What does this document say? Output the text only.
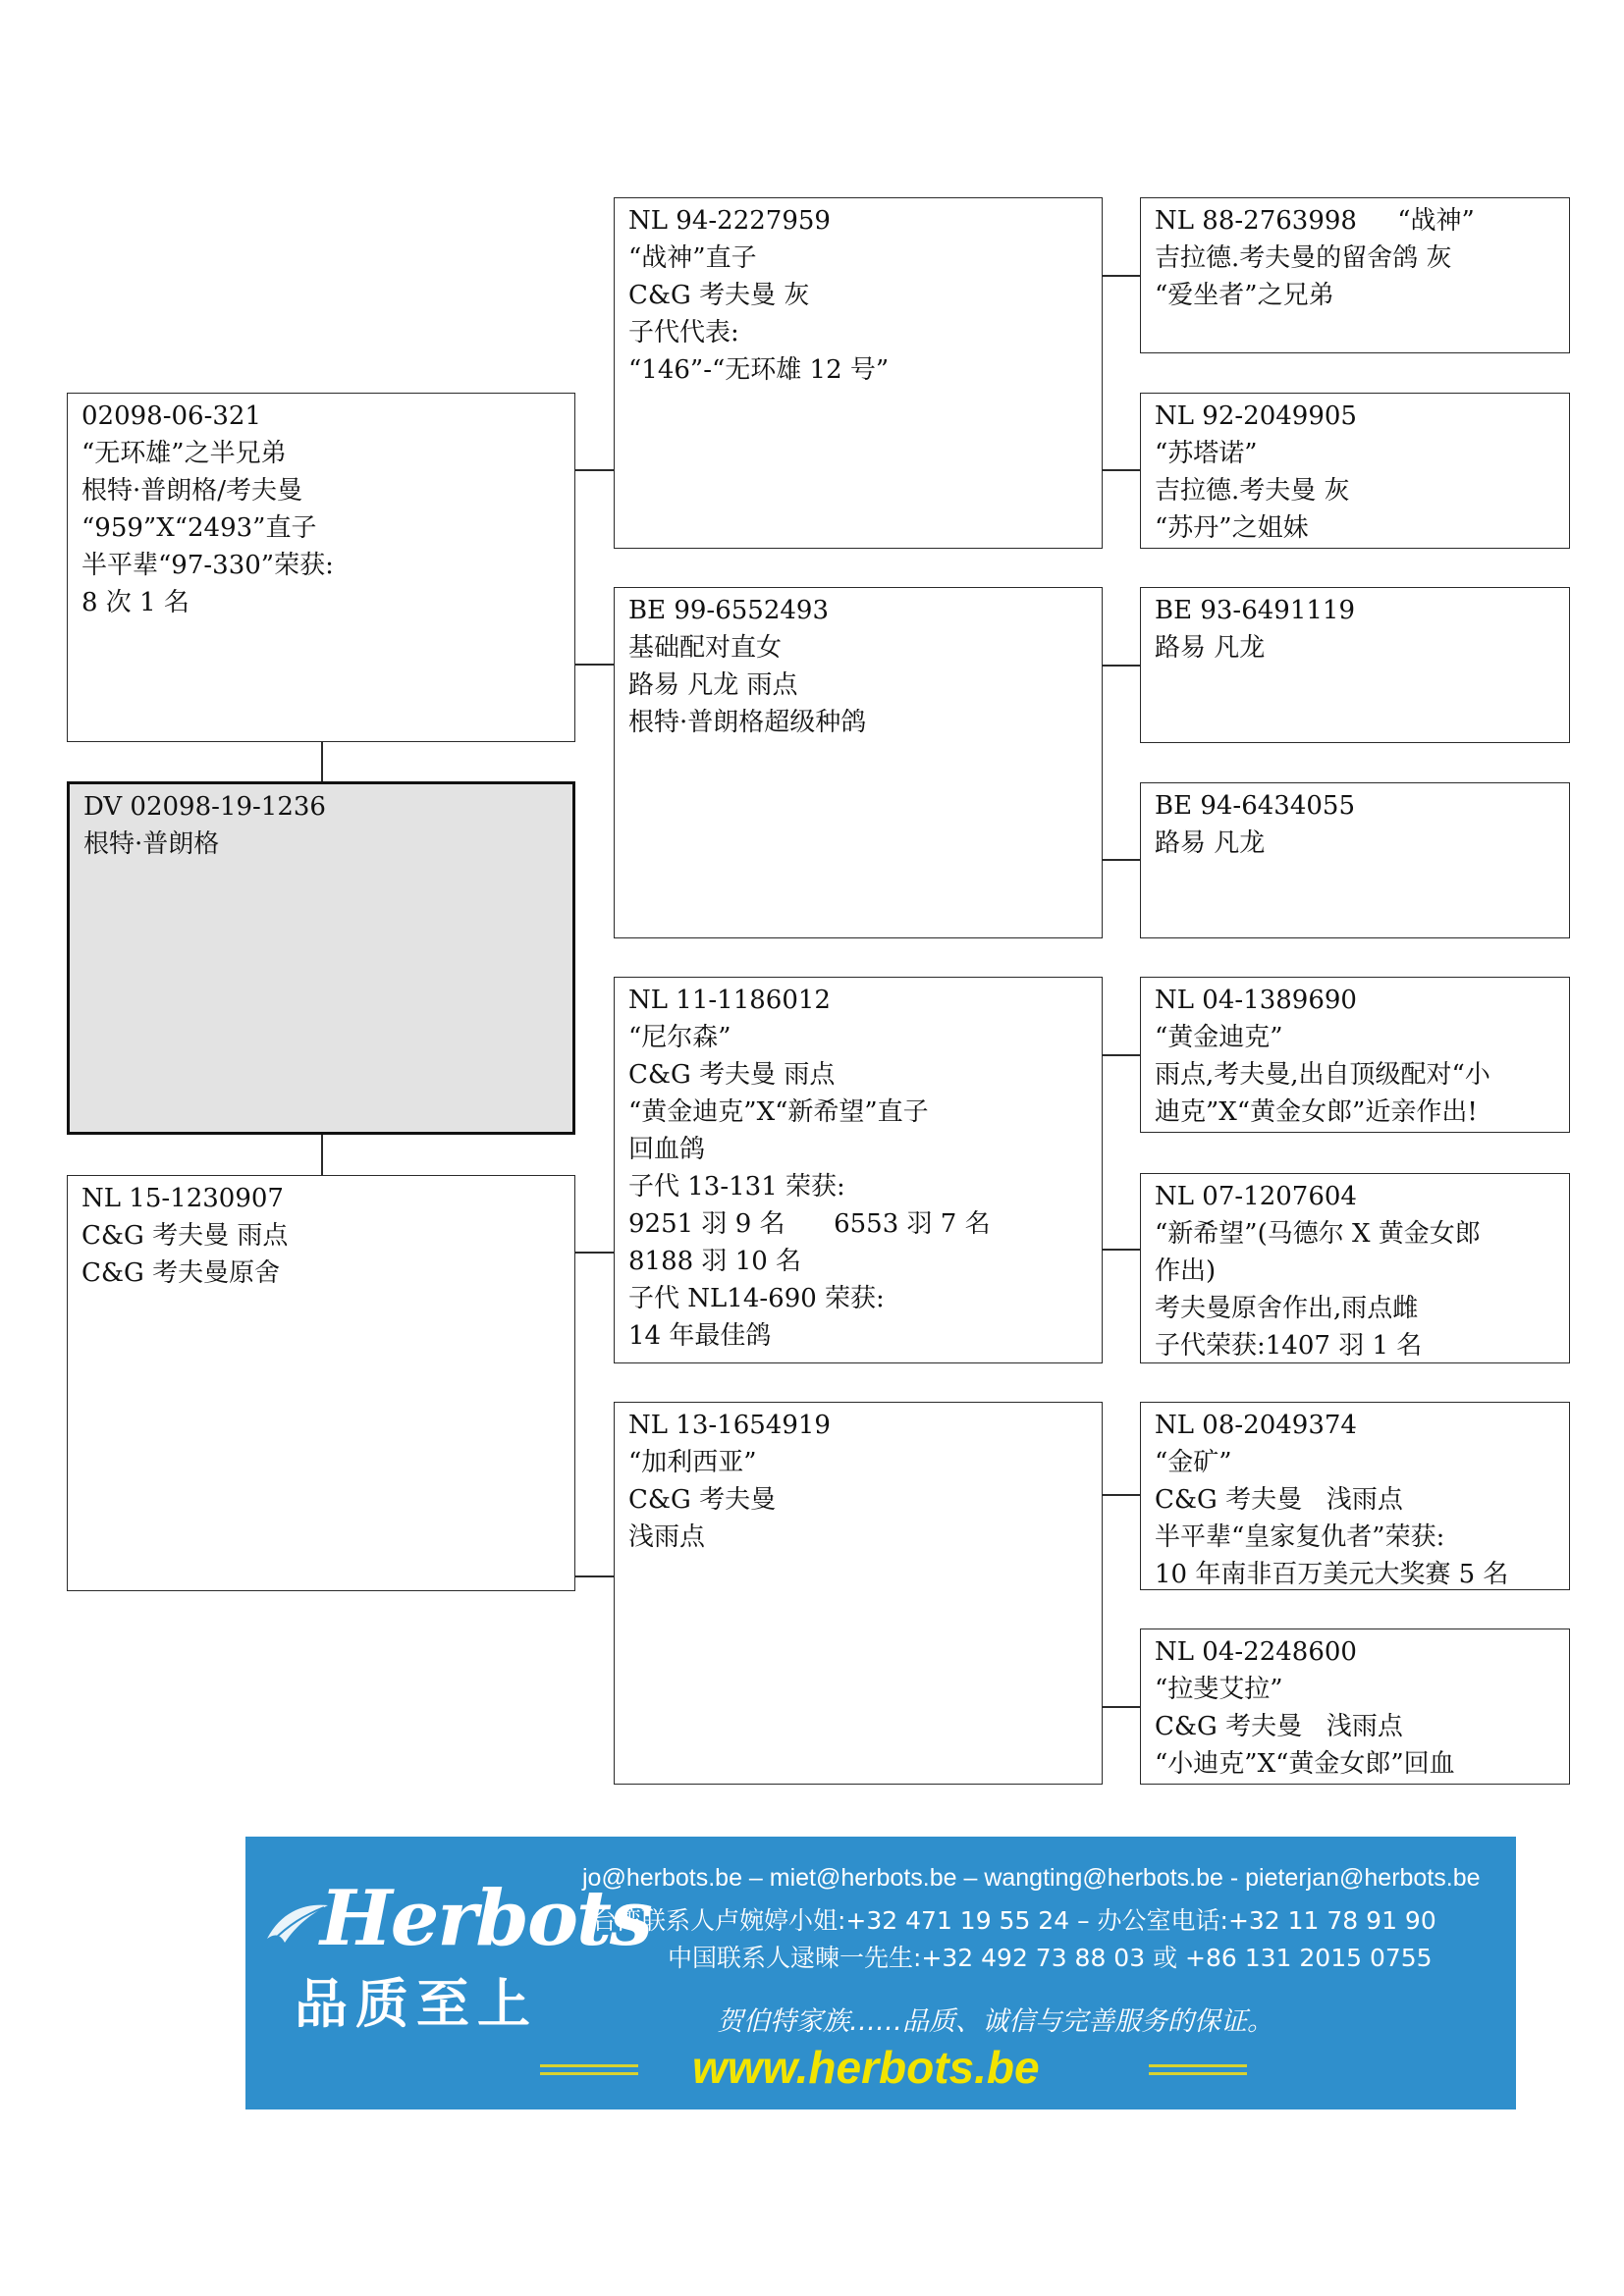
DV 02098-19-1236
根特·普朗格
02098-06-321
“无环雄”之半兄弟
根特·普朗格/考夫曼
“959”X“2493”直子
半平辈“97-330”荣获:
8 次 1 名
NL 15-1230907
C&G 考夫曼 雨点
C&G 考夫曼原舍
NL 94-2227959
“战神”直子
C&G 考夫曼 灰
子代代表:
“146”-“无环雄 12 号”
BE 99-6552493
基础配对直女
路易 凡龙 雨点
根特·普朗格超级种鸽
NL 11-1186012
“尼尔森”
C&G 考夫曼 雨点
“黄金迪克”X“新希望”直子
回血鸽
子代 13-131 荣获:
9251 羽 9 名      6553 羽 7 名
8188 羽 10 名
子代 NL14-690 荣获:
14 年最佳鸽
NL 13-1654919
“加利西亚”
C&G 考夫曼
浅雨点
NL 88-2763998     “战神”
吉拉德.考夫曼的留舍鸽 灰
“爱坐者”之兄弟
NL 92-2049905
“苏塔诺”
吉拉德.考夫曼 灰
“苏丹”之姐妹
BE 93-6491119
路易 凡龙
BE 94-6434055
路易 凡龙
NL 04-1389690
“黄金迪克”
雨点,考夫曼,出自顶级配对“小
迪克”X“黄金女郎”近亲作出!
NL 07-1207604
“新希望”(马德尔 X 黄金女郎
作出)
考夫曼原舍作出,雨点雌
子代荣获:1407 羽 1 名
NL 08-2049374
“金矿”
C&G 考夫曼   浅雨点
半平辈“皇家复仇者”荣获:
10 年南非百万美元大奖赛 5 名
NL 04-2248600
“拉斐艾拉”
C&G 考夫曼   浅雨点
“小迪克”X“黄金女郎”回血
Herbots
品质至上
jo@herbots.be – miet@herbots.be – wangting@herbots.be - pieterjan@herbots.be
台湾联系人卢婉婷小姐:+32 471 19 55 24 – 办公室电话:+32 11 78 91 90
中国联系人逯暕一先生:+32 492 73 88 03 或 +86 131 2015 0755
贺伯特家族……品质、诚信与完善服务的保证。
www.herbots.be
